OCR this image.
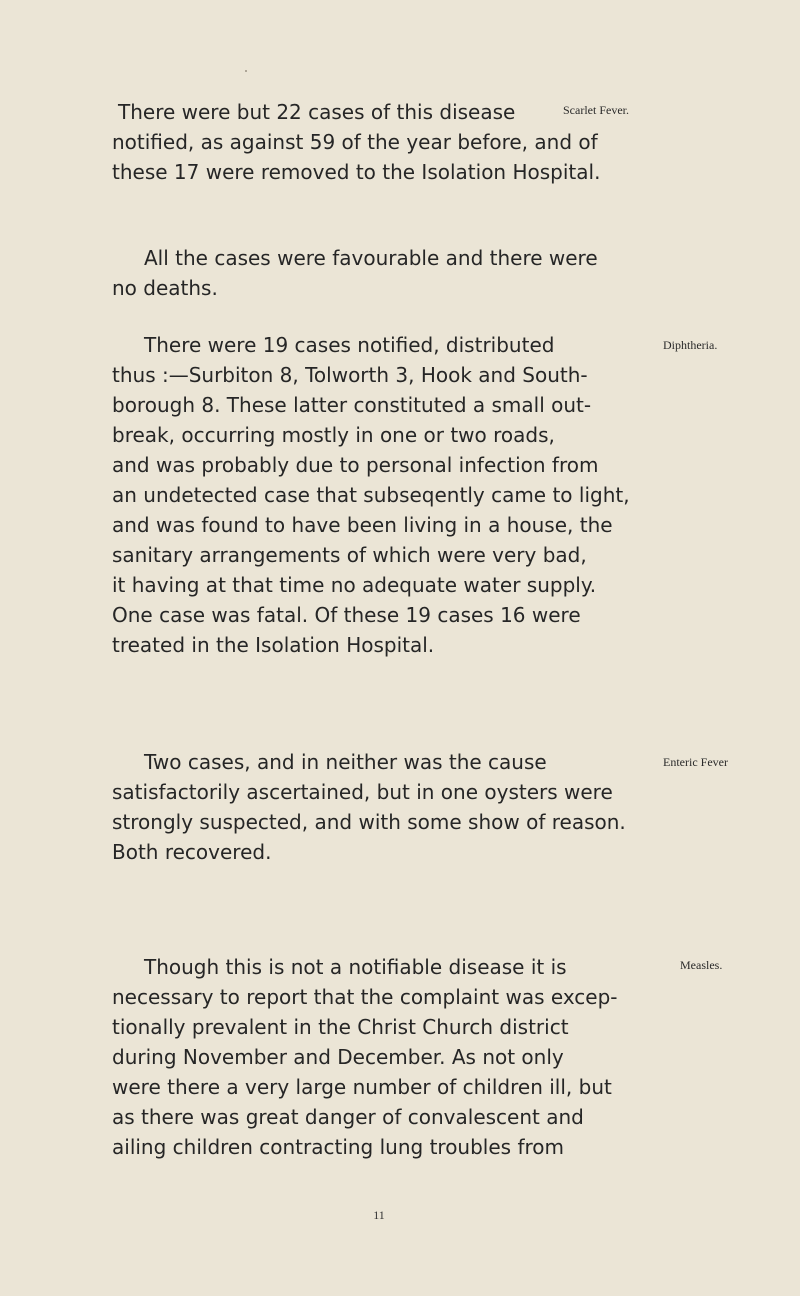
There were but 22 cases of this disease
notified, as against 59 of the year before, and of
these 17 were removed to the Isolation Hospital.
Scarlet Fever.
All the cases were favourable and there were
no deaths.
There were 19 cases notified, distributed
thus :—Surbiton 8, Tolworth 3, Hook and South-
borough 8. These latter constituted a small out-
break, occurring mostly in one or two roads,
and was probably due to personal infection from
an undetected case that subseqently came to light,
and was found to have been living in a house, the
sanitary arrangements of which were very bad,
it having at that time no adequate water supply.
One case was fatal. Of these 19 cases 16 were
treated in the Isolation Hospital.
Diphtheria.
Two cases, and in neither was the cause
satisfactorily ascertained, but in one oysters were
strongly suspected, and with some show of reason.
Both recovered.
Enteric Fever
Though this is not a notifiable disease it is
necessary to report that the complaint was excep-
tionally prevalent in the Christ Church district
during November and December. As not only
were there a very large number of children ill, but
as there was great danger of convalescent and
ailing children contracting lung troubles from
Measles.
11
